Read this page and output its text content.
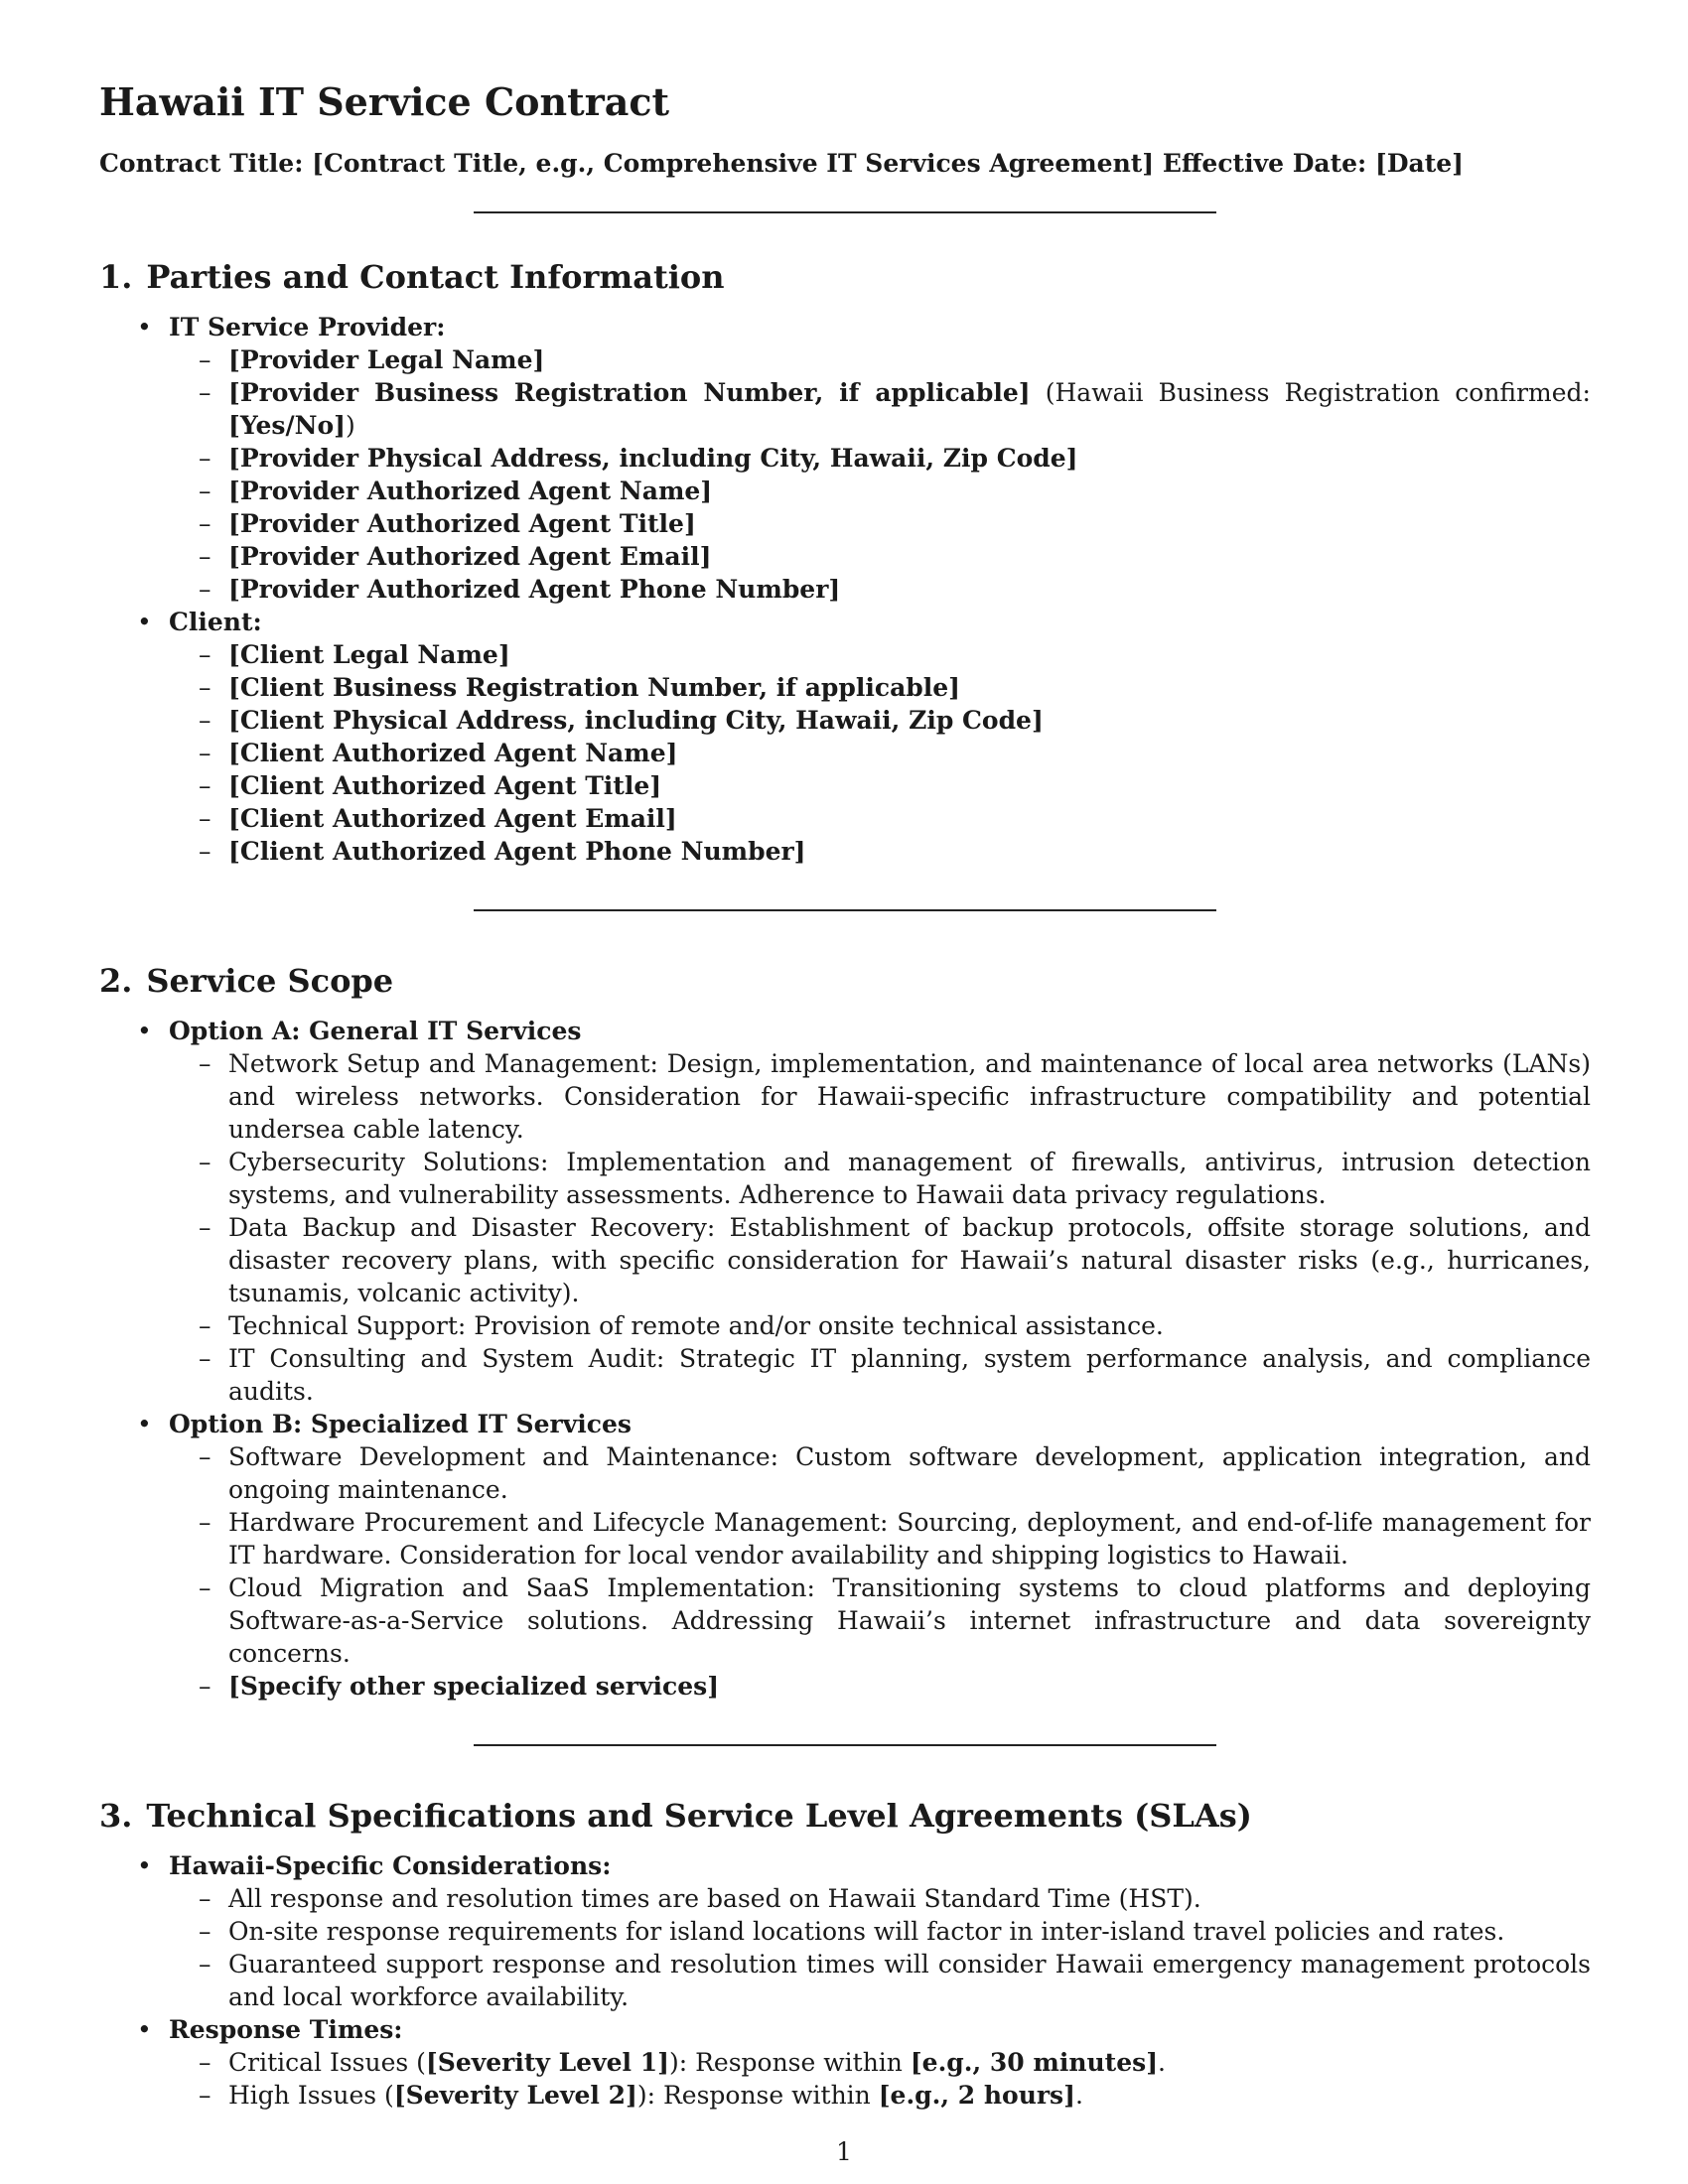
Hawaii IT Service Contract

Contract Title: [Contract Title, e.g., Comprehensive IT Services Agreement] Effective Date: [Date]

1. Parties and Contact Information
• IT Service Provider:
– [Provider Legal Name]
– [Provider Business Registration Number, if applicable] (Hawaii Business Registration confirmed: [Yes/No])
– [Provider Physical Address, including City, Hawaii, Zip Code]
– [Provider Authorized Agent Name]
– [Provider Authorized Agent Title]
– [Provider Authorized Agent Email]
– [Provider Authorized Agent Phone Number]
• Client:
– [Client Legal Name]
– [Client Business Registration Number, if applicable]
– [Client Physical Address, including City, Hawaii, Zip Code]
– [Client Authorized Agent Name]
– [Client Authorized Agent Title]
– [Client Authorized Agent Email]
– [Client Authorized Agent Phone Number]
2. Service Scope
• Option A: General IT Services
– Network Setup and Management: Design, implementation, and maintenance of local area networks (LANs) and wireless networks. Consideration for Hawaii-specific infrastructure compatibility and potential undersea cable latency.
– Cybersecurity Solutions: Implementation and management of firewalls, antivirus, intrusion detection systems, and vulnerability assessments. Adherence to Hawaii data privacy regulations.
– Data Backup and Disaster Recovery: Establishment of backup protocols, offsite storage solutions, and disaster recovery plans, with specific consideration for Hawaii’s natural disaster risks (e.g., hurricanes, tsunamis, volcanic activity).
– Technical Support: Provision of remote and/or onsite technical assistance.
– IT Consulting and System Audit: Strategic IT planning, system performance analysis, and compliance audits.
• Option B: Specialized IT Services
– Software Development and Maintenance: Custom software development, application integration, and ongoing maintenance.
– Hardware Procurement and Lifecycle Management: Sourcing, deployment, and end-of-life management for IT hardware. Consideration for local vendor availability and shipping logistics to Hawaii.
– Cloud Migration and SaaS Implementation: Transitioning systems to cloud platforms and deploying Software-as-a-Service solutions. Addressing Hawaii’s internet infrastructure and data sovereignty concerns.
– [Specify other specialized services]
3. Technical Specifications and Service Level Agreements (SLAs)
• Hawaii-Specific Considerations:
– All response and resolution times are based on Hawaii Standard Time (HST).
– On-site response requirements for island locations will factor in inter-island travel policies and rates.
– Guaranteed support response and resolution times will consider Hawaii emergency management protocols and local workforce availability.
• Response Times:
– Critical Issues ([Severity Level 1]): Response within [e.g., 30 minutes].
– High Issues ([Severity Level 2]): Response within [e.g., 2 hours].
1
